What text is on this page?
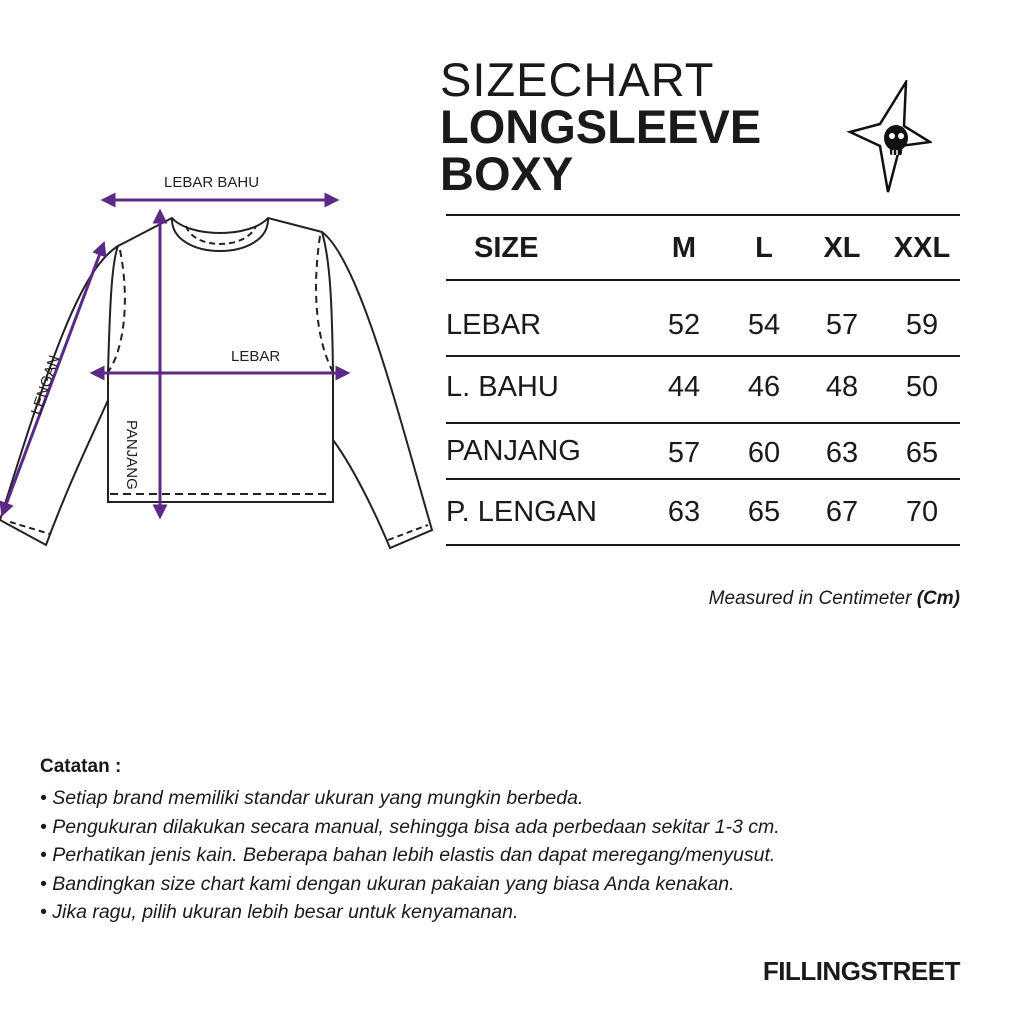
LEBAR BAHU
LEBAR
PANJANG
LENGAN
SIZECHART
LONGSLEEVE
BOXY
SIZE	M	L	XL	XXL
LEBAR	52	54	57	59
L. BAHU	44	46	48	50
PANJANG	57	60	63	65
P. LENGAN	63	65	67	70
Measured in Centimeter (Cm)
Catatan :
• Setiap brand memiliki standar ukuran yang mungkin berbeda.
• Pengukuran dilakukan secara manual, sehingga bisa ada perbedaan sekitar 1-3 cm.
• Perhatikan jenis kain. Beberapa bahan lebih elastis dan dapat meregang/menyusut.
• Bandingkan size chart kami dengan ukuran pakaian yang biasa Anda kenakan.
• Jika ragu, pilih ukuran lebih besar untuk kenyamanan.
FILLINGSTREET
